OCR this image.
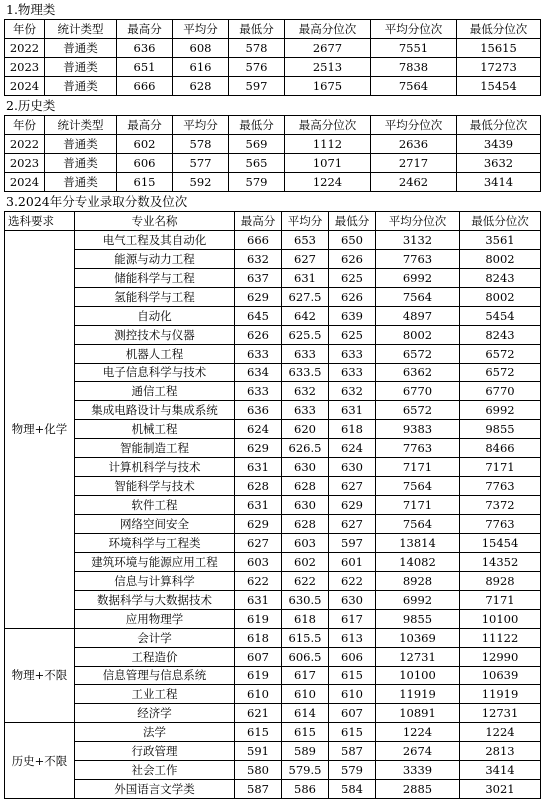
1.物理类
年份	统计类型	最高分	平均分	最低分	最高分位次	平均分位次	最低分位次
2022	普通类	636	608	578	2677	7551	15615
2023	普通类	651	616	576	2513	7838	17273
2024	普通类	666	628	597	1675	7564	15454
2.历史类
年份	统计类型	最高分	平均分	最低分	最高分位次	平均分位次	最低分位次
2022	普通类	602	578	569	1112	2636	3439
2023	普通类	606	577	565	1071	2717	3632
2024	普通类	615	592	579	1224	2462	3414
3.2024年分专业录取分数及位次
选科要求	专业名称	最高分	平均分	最低分	平均分位次	最低分位次
物理+化学	电气工程及其自动化	666	653	650	3132	3561
	能源与动力工程	632	627	626	7763	8002
	储能科学与工程	637	631	625	6992	8243
	氢能科学与工程	629	627.5	626	7564	8002
	自动化	645	642	639	4897	5454
	测控技术与仪器	626	625.5	625	8002	8243
	机器人工程	633	633	633	6572	6572
	电子信息科学与技术	634	633.5	633	6362	6572
	通信工程	633	632	632	6770	6770
	集成电路设计与集成系统	636	633	631	6572	6992
	机械工程	624	620	618	9383	9855
	智能制造工程	629	626.5	624	7763	8466
	计算机科学与技术	631	630	630	7171	7171
	智能科学与技术	628	628	627	7564	7763
	软件工程	631	630	629	7171	7372
	网络空间安全	629	628	627	7564	7763
	环境科学与工程类	627	603	597	13814	15454
	建筑环境与能源应用工程	603	602	601	14082	14352
	信息与计算科学	622	622	622	8928	8928
	数据科学与大数据技术	631	630.5	630	6992	7171
	应用物理学	619	618	617	9855	10100
物理+不限	会计学	618	615.5	613	10369	11122
	工程造价	607	606.5	606	12731	12990
	信息管理与信息系统	619	617	615	10100	10639
	工业工程	610	610	610	11919	11919
	经济学	621	614	607	10891	12731
历史+不限	法学	615	615	615	1224	1224
	行政管理	591	589	587	2674	2813
	社会工作	580	579.5	579	3339	3414
	外国语言文学类	587	586	584	2885	3021
